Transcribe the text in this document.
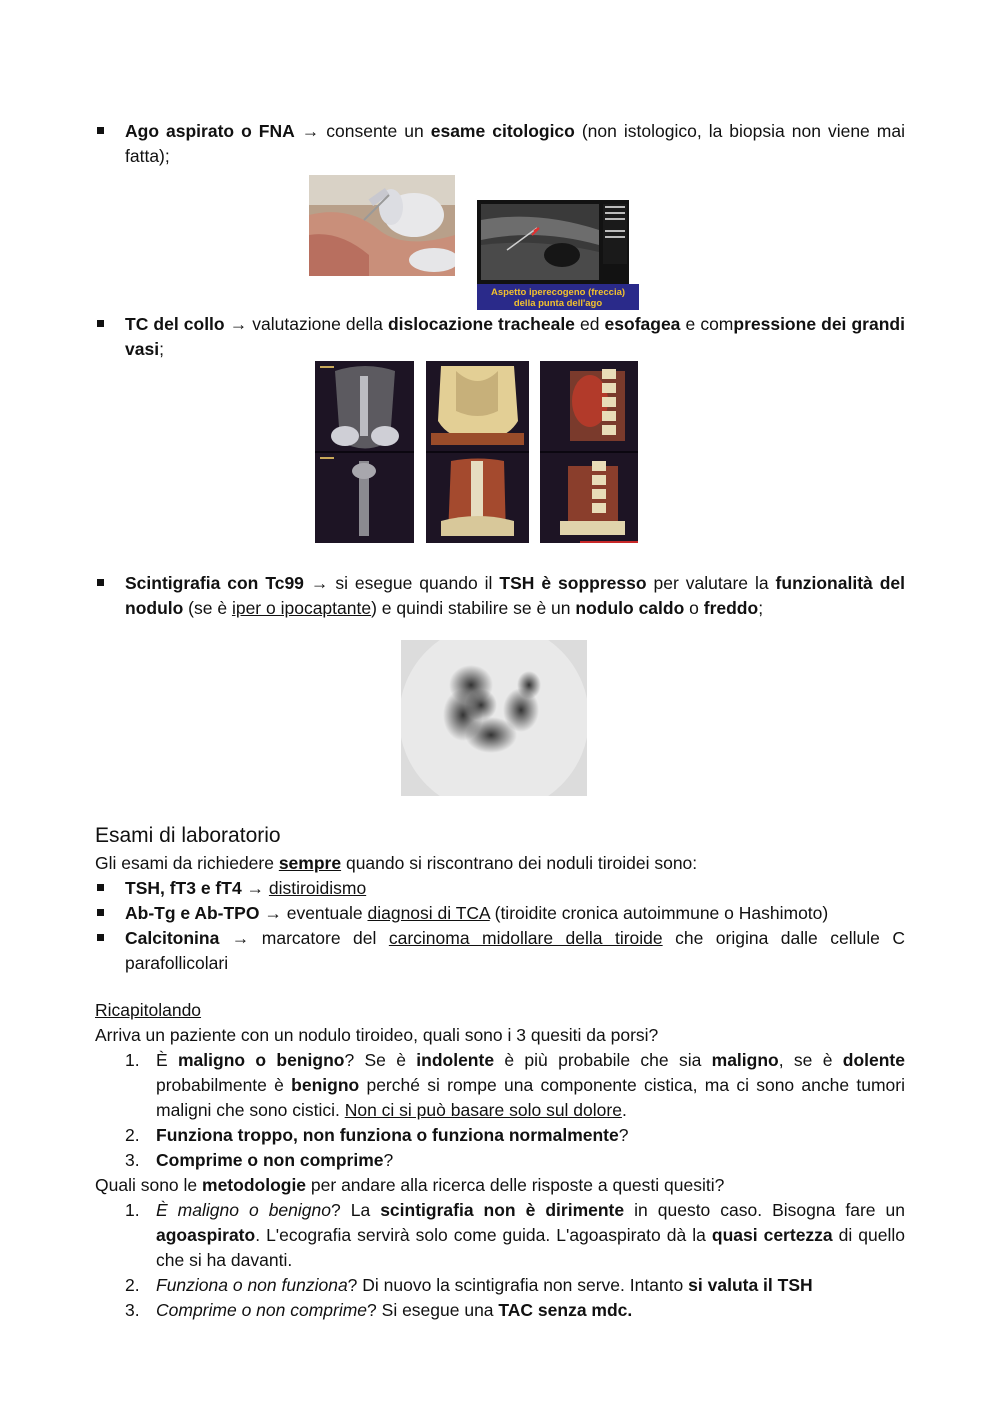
Ago aspirato o FNA → consente un esame citologico (non istologico, la biopsia non viene mai fatta);
Aspetto iperecogeno (freccia)
della punta dell'ago
TC del collo → valutazione della dislocazione tracheale ed esofagea e compressione dei grandi vasi;
Scintigrafia con Tc99 → si esegue quando il TSH è soppresso per valutare la funzionalità del nodulo (se è iper o ipocaptante) e quindi stabilire se è un nodulo caldo o freddo;
Esami di laboratorio
Gli esami da richiedere sempre quando si riscontrano dei noduli tiroidei sono:
TSH, fT3 e fT4 → distiroidismo
Ab-Tg e Ab-TPO → eventuale diagnosi di TCA (tiroidite cronica autoimmune o Hashimoto)
Calcitonina → marcatore del carcinoma midollare della tiroide che origina dalle cellule C parafollicolari
Ricapitolando
Arriva un paziente con un nodulo tiroideo, quali sono i 3 quesiti da porsi?
1. È maligno o benigno? Se è indolente è più probabile che sia maligno, se è dolente probabilmente è benigno perché si rompe una componente cistica, ma ci sono anche tumori maligni che sono cistici. Non ci si può basare solo sul dolore.
2. Funziona troppo, non funziona o funziona normalmente?
3. Comprime o non comprime?
Quali sono le metodologie per andare alla ricerca delle risposte a questi quesiti?
1. È maligno o benigno? La scintigrafia non è dirimente in questo caso. Bisogna fare un agoaspirato. L'ecografia servirà solo come guida. L'agoaspirato dà la quasi certezza di quello che si ha davanti.
2. Funziona o non funziona? Di nuovo la scintigrafia non serve. Intanto si valuta il TSH
3. Comprime o non comprime? Si esegue una TAC senza mdc.
